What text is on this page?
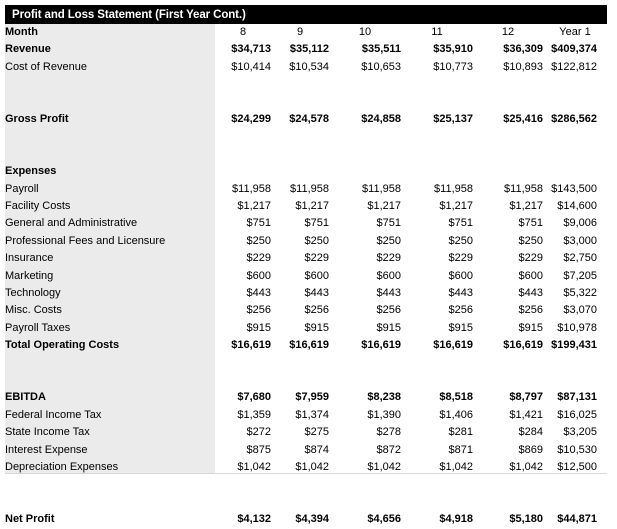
Profit and Loss Statement (First Year Cont.)
Month	8	9	10	11	12	Year 1
Revenue	$34,713	$35,112	$35,511	$35,910	$36,309	$409,374
Cost of Revenue	$10,414	$10,534	$10,653	$10,773	$10,893	$122,812

Gross Profit	$24,299	$24,578	$24,858	$25,137	$25,416	$286,562

Expenses						
Payroll	$11,958	$11,958	$11,958	$11,958	$11,958	$143,500
Facility Costs	$1,217	$1,217	$1,217	$1,217	$1,217	$14,600
General and Administrative	$751	$751	$751	$751	$751	$9,006
Professional Fees and Licensure	$250	$250	$250	$250	$250	$3,000
Insurance	$229	$229	$229	$229	$229	$2,750
Marketing	$600	$600	$600	$600	$600	$7,205
Technology	$443	$443	$443	$443	$443	$5,322
Misc. Costs	$256	$256	$256	$256	$256	$3,070
Payroll Taxes	$915	$915	$915	$915	$915	$10,978
Total Operating Costs	$16,619	$16,619	$16,619	$16,619	$16,619	$199,431

EBITDA	$7,680	$7,959	$8,238	$8,518	$8,797	$87,131
Federal Income Tax	$1,359	$1,374	$1,390	$1,406	$1,421	$16,025
State Income Tax	$272	$275	$278	$281	$284	$3,205
Interest Expense	$875	$874	$872	$871	$869	$10,530
Depreciation Expenses	$1,042	$1,042	$1,042	$1,042	$1,042	$12,500

Net Profit	$4,132	$4,394	$4,656	$4,918	$5,180	$44,871
